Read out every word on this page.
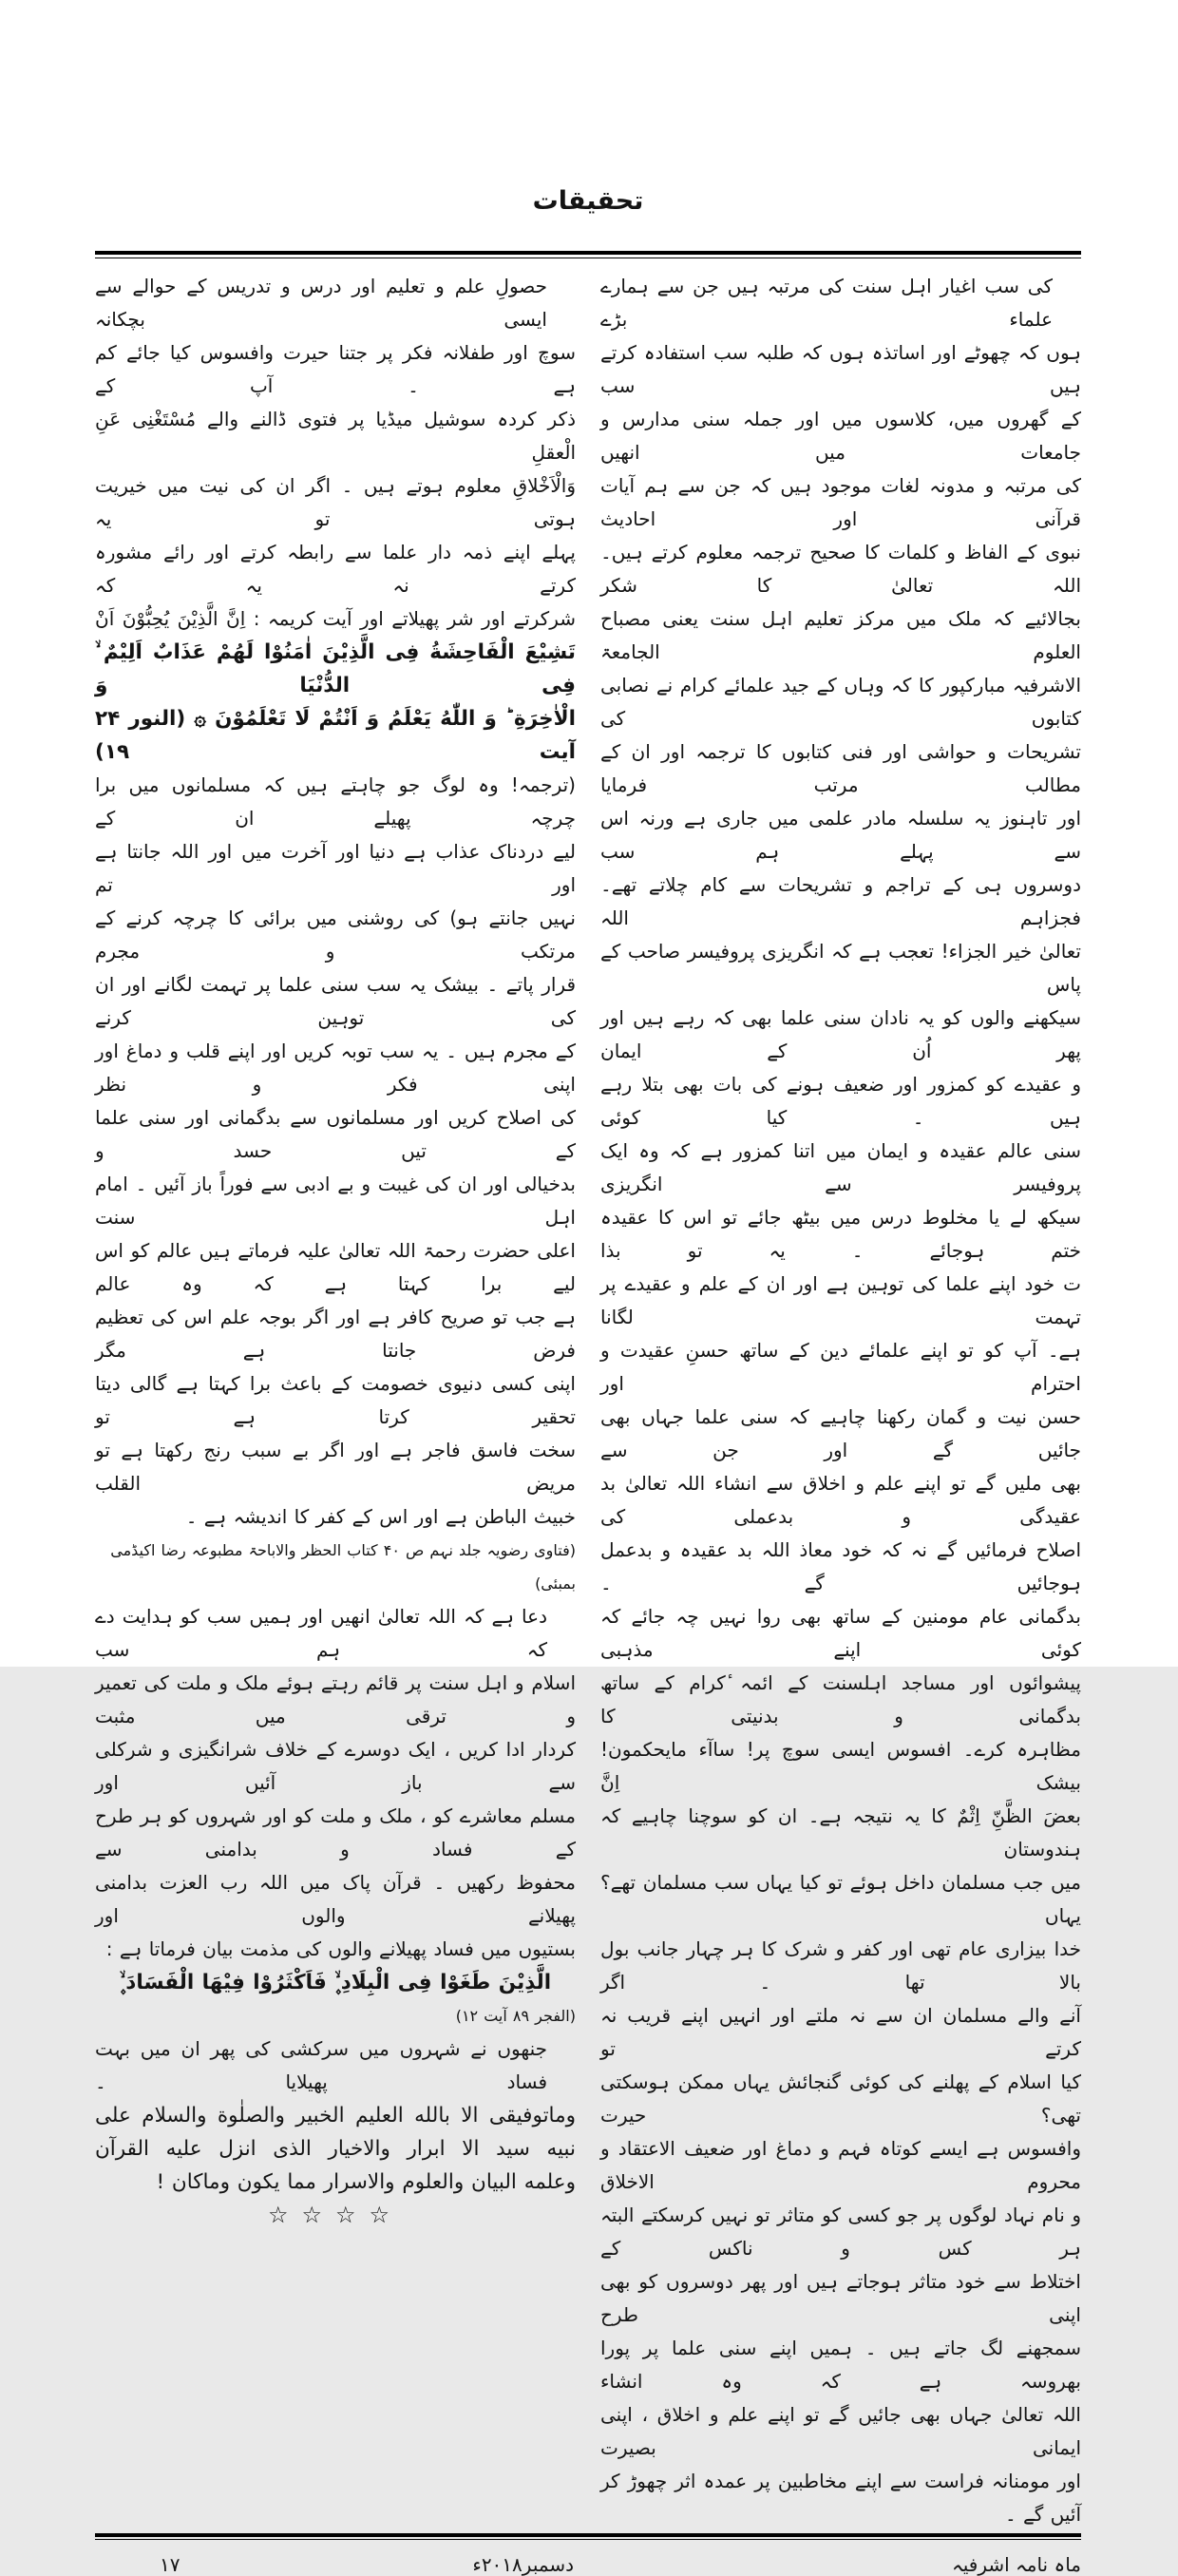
تحقیقات
کی سب اغیار اہل سنت کی مرتبہ ہیں جن سے ہمارے علماء بڑے
ہوں کہ چھوٹے اور اساتذہ ہوں کہ طلبہ سب استفادہ کرتے ہیں سب
کے گھروں میں، کلاسوں میں اور جملہ سنی مدارس و جامعات میں انھیں
کی مرتبہ و مدونہ لغات موجود ہیں کہ جن سے ہم آیات قرآنی اور احادیث
نبوی کے الفاظ و کلمات کا صحیح ترجمہ معلوم کرتے ہیں۔ اللہ تعالیٰ کا شکر
بجالائیے کہ ملک میں مرکز تعلیم اہل سنت یعنی مصباح العلوم الجامعۃ
الاشرفیہ مبارکپور کا کہ وہاں کے جید علمائے کرام نے نصابی کتابوں کی
تشریحات و حواشی اور فنی کتابوں کا ترجمہ اور ان کے مطالب مرتب فرمایا
اور تاہنوز یہ سلسلہ مادر علمی میں جاری ہے ورنہ اس سے پہلے ہم سب
دوسروں ہی کے تراجم و تشریحات سے کام چلاتے تھے۔ فجزاہم اللہ
تعالیٰ خیر الجزاء! تعجب ہے کہ انگریزی پروفیسر صاحب کے پاس
سیکھنے والوں کو یہ نادان سنی علما بھی کہ رہے ہیں اور پھر اُن کے ایمان
و عقیدے کو کمزور اور ضعیف ہونے کی بات بھی بتلا رہے ہیں ۔ کیا کوئی
سنی عالم عقیدہ و ایمان میں اتنا کمزور ہے کہ وہ ایک پروفیسر سے انگریزی
سیکھ لے یا مخلوط درس میں بیٹھ جائے تو اس کا عقیدہ ختم ہوجائے ۔ یہ تو بذا
ت خود اپنے علما کی توہین ہے اور ان کے علم و عقیدے پر تہمت لگانا
ہے۔ آپ کو تو اپنے علمائے دین کے ساتھ حسنِ عقیدت و احترام اور
حسن نیت و گمان رکھنا چاہیے کہ سنی علما جہاں بھی جائیں گے اور جن سے
بھی ملیں گے تو اپنے علم و اخلاق سے انشاء اللہ تعالیٰ بد عقیدگی و بدعملی کی
اصلاح فرمائیں گے نہ کہ خود معاذ اللہ بد عقیدہ و بدعمل ہوجائیں گے ۔
بدگمانی عام مومنین کے ساتھ بھی روا نہیں چہ جائے کہ کوئی اپنے مذہبی
پیشوائوں اور مساجد اہلسنت کے ائمہ ٔکرام کے ساتھ بدگمانی و بدنیتی کا
مظاہرہ کرے۔ افسوس ایسی سوچ پر! ساآء مایحکمون! بیشک اِنَّ
بعضَ الظَّنِّ اِثْمٌ کا یہ نتیجہ ہے۔ ان کو سوچنا چاہیے کہ ہندوستان
میں جب مسلمان داخل ہوئے تو کیا یہاں سب مسلمان تھے؟ یہاں
خدا بیزاری عام تھی اور کفر و شرک کا ہر چہار جانب بول بالا تھا ۔ اگر
آنے والے مسلمان ان سے نہ ملتے اور انہیں اپنے قریب نہ کرتے تو
کیا اسلام کے پھلنے کی کوئی گنجائش یہاں ممکن ہوسکتی تھی؟ حیرت
وافسوس ہے ایسے کوتاہ فہم و دماغ اور ضعیف الاعتقاد و محروم الاخلاق
و نام نہاد لوگوں پر جو کسی کو متاثر تو نہیں کرسکتے البتہ ہر کس و ناکس کے
اختلاط سے خود متاثر ہوجاتے ہیں اور پھر دوسروں کو بھی اپنی طرح
سمجھنے لگ جاتے ہیں ۔ ہمیں اپنے سنی علما پر پورا بھروسہ ہے کہ وہ انشاء
اللہ تعالیٰ جہاں بھی جائیں گے تو اپنے علم و اخلاق ، اپنی ایمانی بصیرت
اور مومنانہ فراست سے اپنے مخاطبین پر عمدہ اثر چھوڑ کر آئیں گے ۔
حصولِ علم و تعلیم اور درس و تدریس کے حوالے سے ایسی بچکانہ
سوچ اور طفلانہ فکر پر جتنا حیرت وافسوس کیا جائے کم ہے ۔ آپ کے
ذکر کردہ سوشیل میڈیا پر فتوی ڈالنے والے مُسْتَغْنِی عَنِ الْعقلِ
وَالْاَخْلاقِ معلوم ہوتے ہیں ۔ اگر ان کی نیت میں خیریت ہوتی تو یہ
پہلے اپنے ذمہ دار علما سے رابطہ کرتے اور رائے مشورہ کرتے نہ یہ کہ
شرکرتے اور شر پھیلاتے اور آیت کریمہ : اِنَّ الَّذِیْنَ یُحِبُّوْنَ اَنْ
تَشِیْعَ الْفَاحِشَةُ فِی الَّذِیْنَ اٰمَنُوْا لَهُمْ عَذَابٌ اَلِیْمٌ ۙ فِی الدُّنْیَا وَ
الْاٰخِرَةِ ؕ وَ اللّٰهُ یَعْلَمُ وَ اَنْتُمْ لَا تَعْلَمُوْنَ ۞ (النور ۲۴ آیت ۱۹)
(ترجمہ! وہ لوگ جو چاہتے ہیں کہ مسلمانوں میں برا چرچہ پھیلے ان کے
لیے دردناک عذاب ہے دنیا اور آخرت میں اور اللہ جانتا ہے اور تم
نہیں جانتے ہو) کی روشنی میں برائی کا چرچہ کرنے کے مرتکب و مجرم
قرار پاتے ۔ بیشک یہ سب سنی علما پر تہمت لگانے اور ان کی توہین کرنے
کے مجرم ہیں ۔ یہ سب توبہ کریں اور اپنے قلب و دماغ اور اپنی فکر و نظر
کی اصلاح کریں اور مسلمانوں سے بدگمانی اور سنی علما کے تیں حسد و
بدخیالی اور ان کی غیبت و بے ادبی سے فوراً باز آئیں ۔ امام اہل سنت
اعلی حضرت رحمۃ اللہ تعالیٰ علیہ فرماتے ہیں عالم کو اس لیے برا کہتا ہے کہ وہ عالم
ہے جب تو صریح کافر ہے اور اگر بوجہ علم اس کی تعظیم فرض جانتا ہے مگر
اپنی کسی دنیوی خصومت کے باعث برا کہتا ہے گالی دیتا تحقیر کرتا ہے تو
سخت فاسق فاجر ہے اور اگر بے سبب رنج رکھتا ہے تو مریض القلب
خبیث الباطن ہے اور اس کے کفر کا اندیشہ ہے ۔
(فتاوی رضویہ جلد نہم ص ۴۰ کتاب الحظر والاباحۃ مطبوعہ رضا اکیڈمی بمبئی)
دعا ہے کہ اللہ تعالیٰ انھیں اور ہمیں سب کو ہدایت دے کہ ہم سب
اسلام و اہل سنت پر قائم رہتے ہوئے ملک و ملت کی تعمیر و ترقی میں مثبت
کردار ادا کریں ، ایک دوسرے کے خلاف شرانگیزی و شرکلی سے باز آئیں اور
مسلم معاشرے کو ، ملک و ملت کو اور شہروں کو ہر طرح کے فساد و بدامنی سے
محفوظ رکھیں ۔ قرآن پاک میں اللہ رب العزت بدامنی پھیلانے والوں اور
بستیوں میں فساد پھیلانے والوں کی مذمت بیان فرماتا ہے :
الَّذِیْنَ طَغَوْا فِی الْبِلَادِ ۪ۙ فَاَکْثَرُوْا فِیْهَا الْفَسَادَ ۪ۙ
(الفجر ۸۹ آیت ۱۲)
جنھوں نے شہروں میں سرکشی کی پھر ان میں بہت فساد پھیلایا ۔
وماتوفیقی الا بالله العلیم الخبیر والصلٰوة والسلام علی
نبیه سید الا ابرار والاخیار الذی انزل علیه القرآن
وعلمه البیان والعلوم والاسرار مما یکون وماکان !
☆☆☆☆
ماہ نامہ اشرفیہ
دسمبر۲۰۱۸ء
۱۷
